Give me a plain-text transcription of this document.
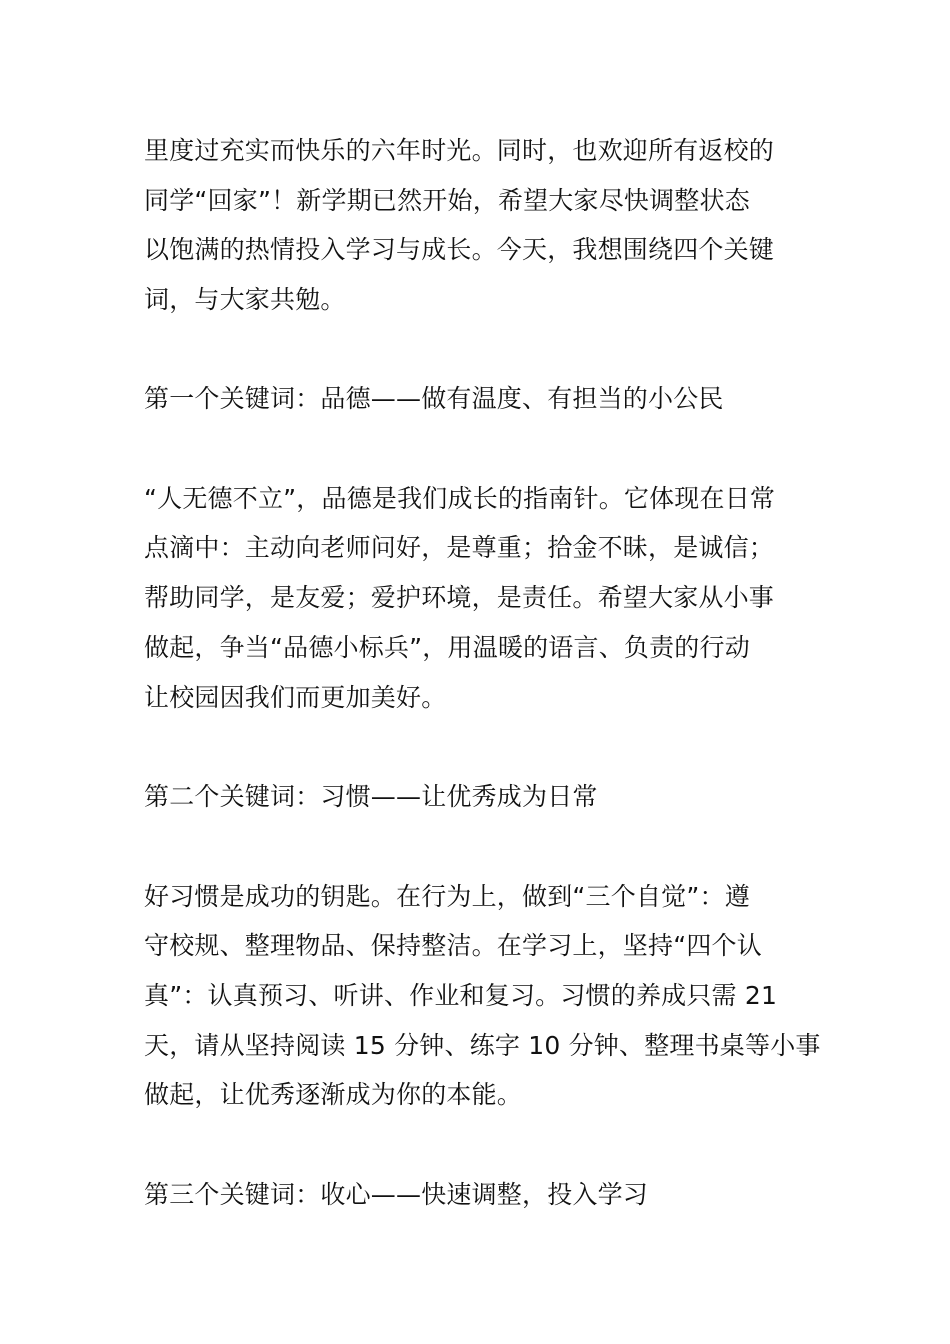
里度过充实而快乐的六年时光。同时，也欢迎所有返校的
同学“回家”！新学期已然开始，希望大家尽快调整状态
以饱满的热情投入学习与成长。今天，我想围绕四个关键
词，与大家共勉。
第一个关键词：品德——做有温度、有担当的小公民
“人无德不立”，品德是我们成长的指南针。它体现在日常
点滴中：主动向老师问好，是尊重；拾金不昧，是诚信；
帮助同学，是友爱；爱护环境，是责任。希望大家从小事
做起，争当“品德小标兵”，用温暖的语言、负责的行动
让校园因我们而更加美好。
第二个关键词：习惯——让优秀成为日常
好习惯是成功的钥匙。在行为上，做到“三个自觉”：遵
守校规、整理物品、保持整洁。在学习上，坚持“四个认
真”：认真预习、听讲、作业和复习。习惯的养成只需 21
天，请从坚持阅读 15 分钟、练字 10 分钟、整理书桌等小事
做起，让优秀逐渐成为你的本能。
第三个关键词：收心——快速调整，投入学习
